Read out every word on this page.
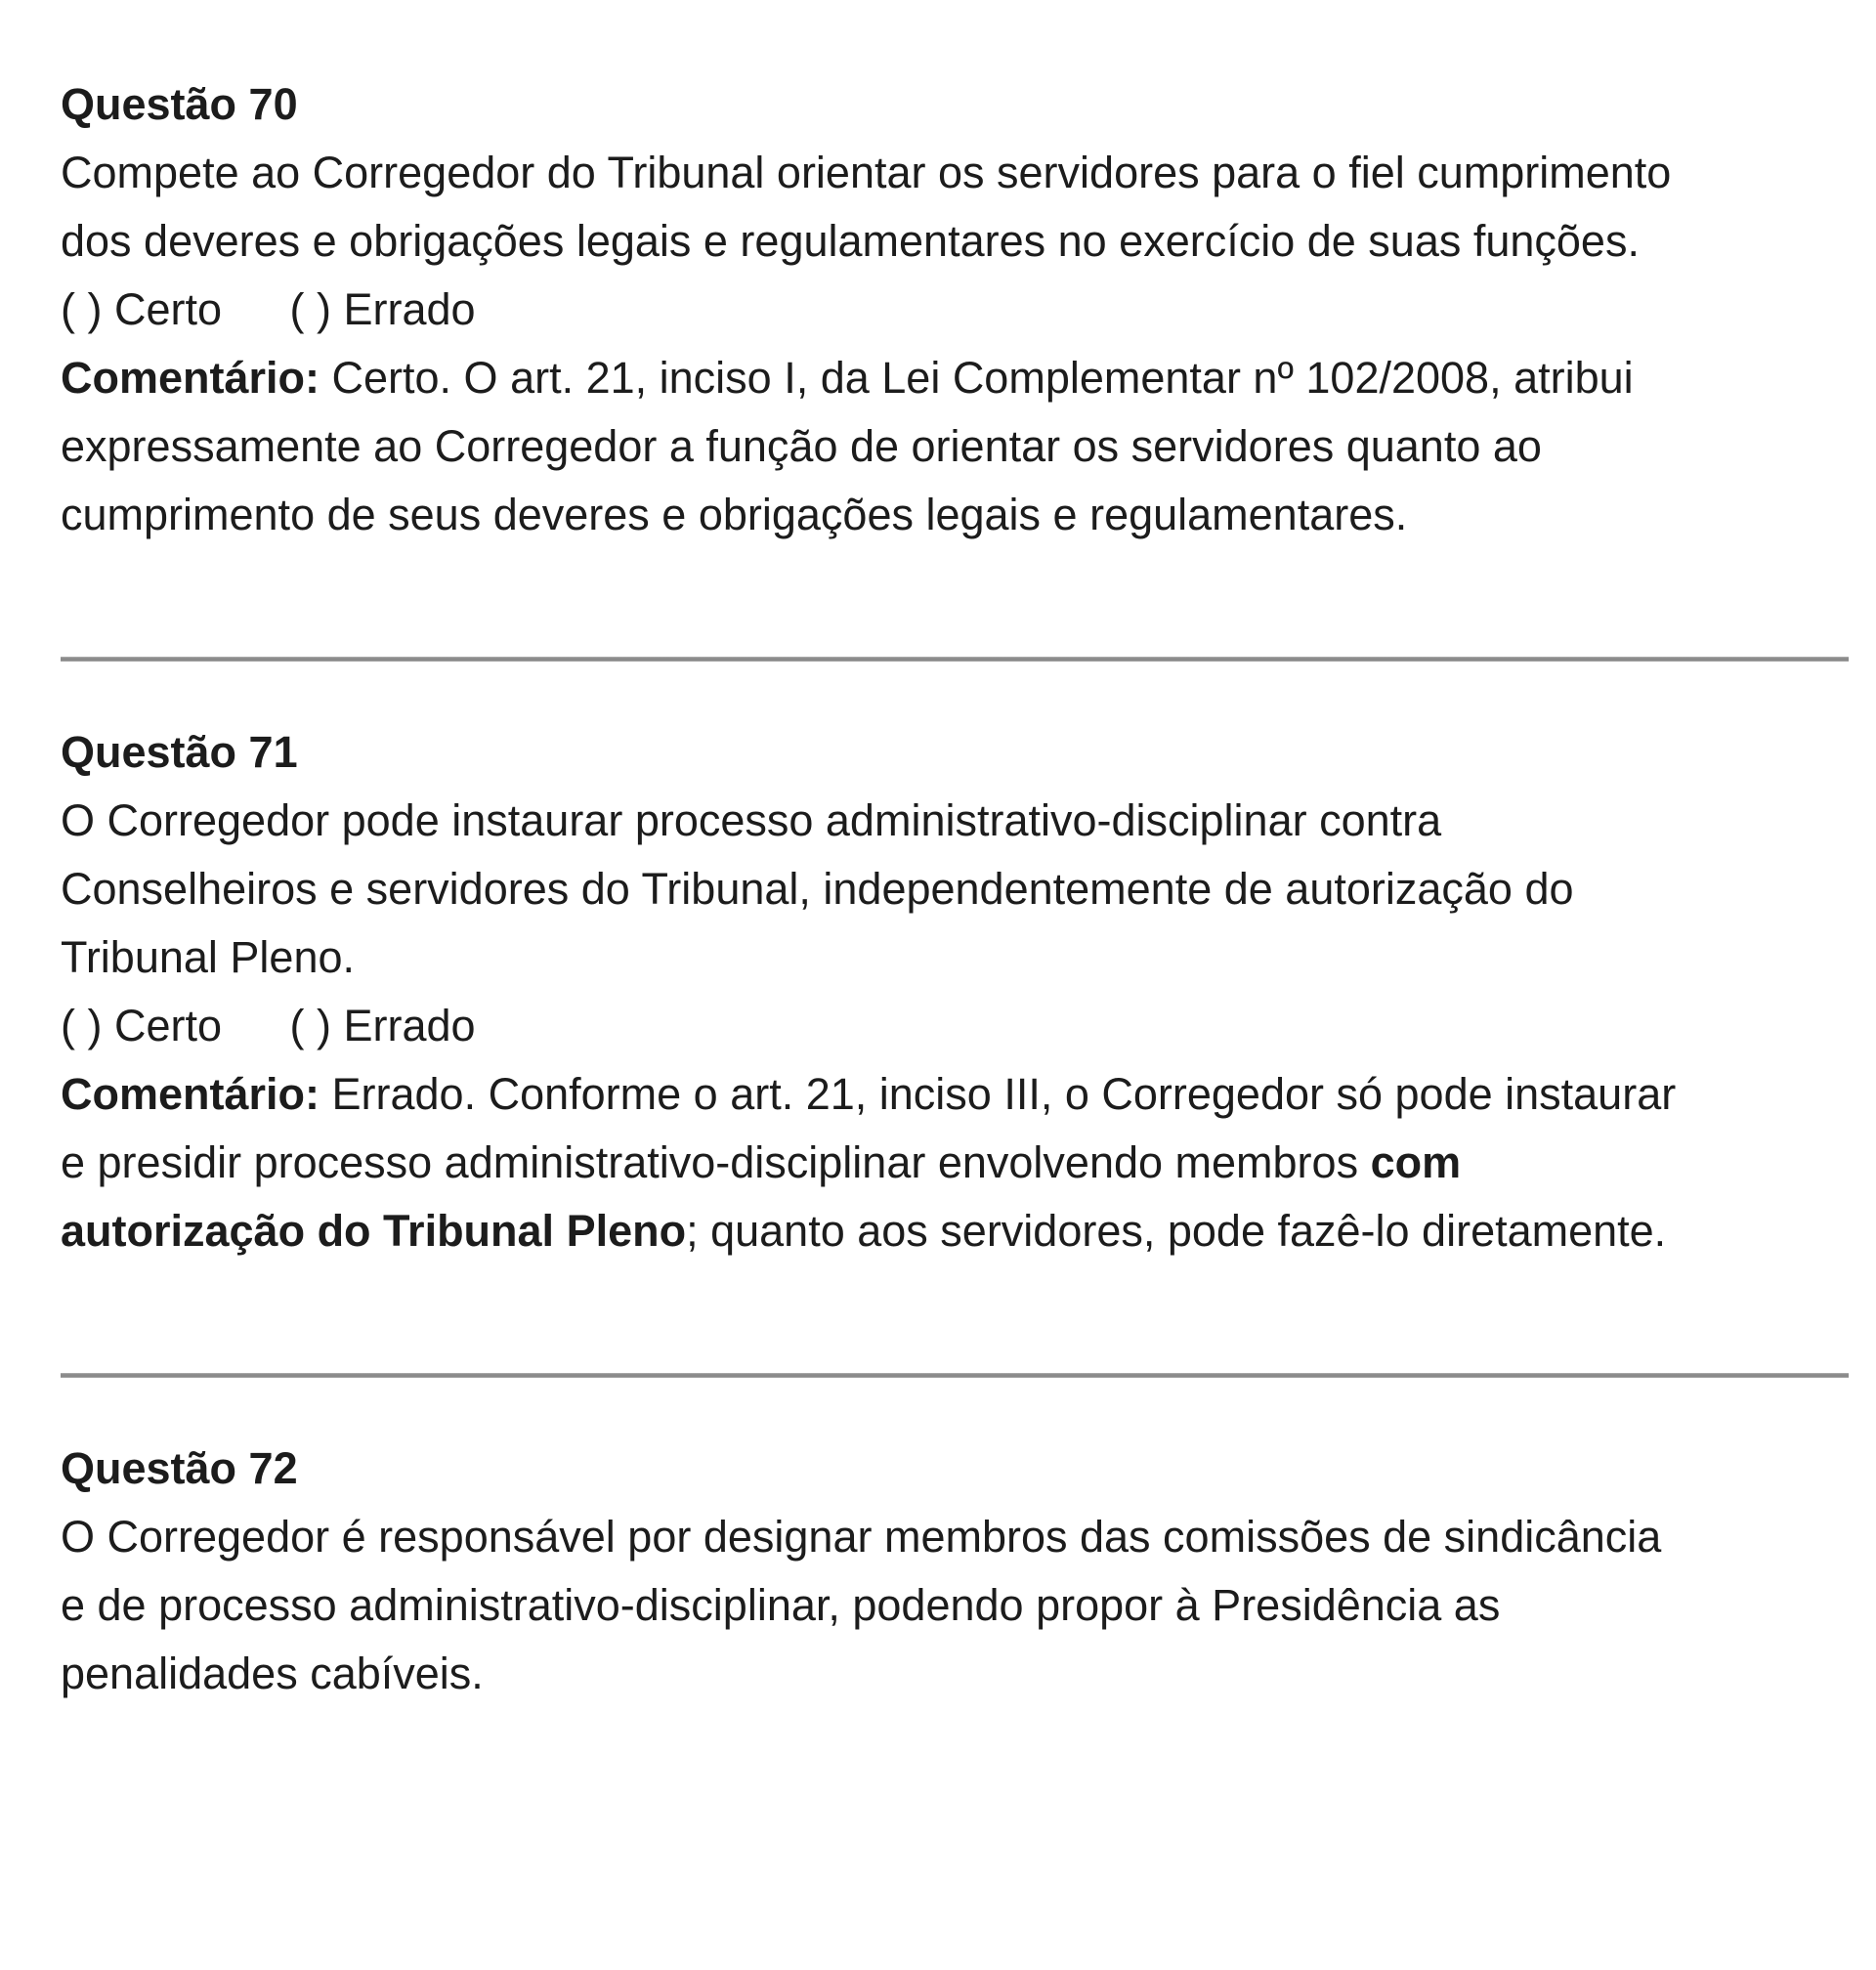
Questão 70
Compete ao Corregedor do Tribunal orientar os servidores para o fiel cumprimento
dos deveres e obrigações legais e regulamentares no exercício de suas funções.
( ) Certo ( ) Errado
Comentário: Certo. O art. 21, inciso I, da Lei Complementar nº 102/2008, atribui
expressamente ao Corregedor a função de orientar os servidores quanto ao
cumprimento de seus deveres e obrigações legais e regulamentares.
Questão 71
O Corregedor pode instaurar processo administrativo-disciplinar contra
Conselheiros e servidores do Tribunal, independentemente de autorização do
Tribunal Pleno.
( ) Certo ( ) Errado
Comentário: Errado. Conforme o art. 21, inciso III, o Corregedor só pode instaurar
e presidir processo administrativo-disciplinar envolvendo membros com
autorização do Tribunal Pleno; quanto aos servidores, pode fazê-lo diretamente.
Questão 72
O Corregedor é responsável por designar membros das comissões de sindicância
e de processo administrativo-disciplinar, podendo propor à Presidência as
penalidades cabíveis.
